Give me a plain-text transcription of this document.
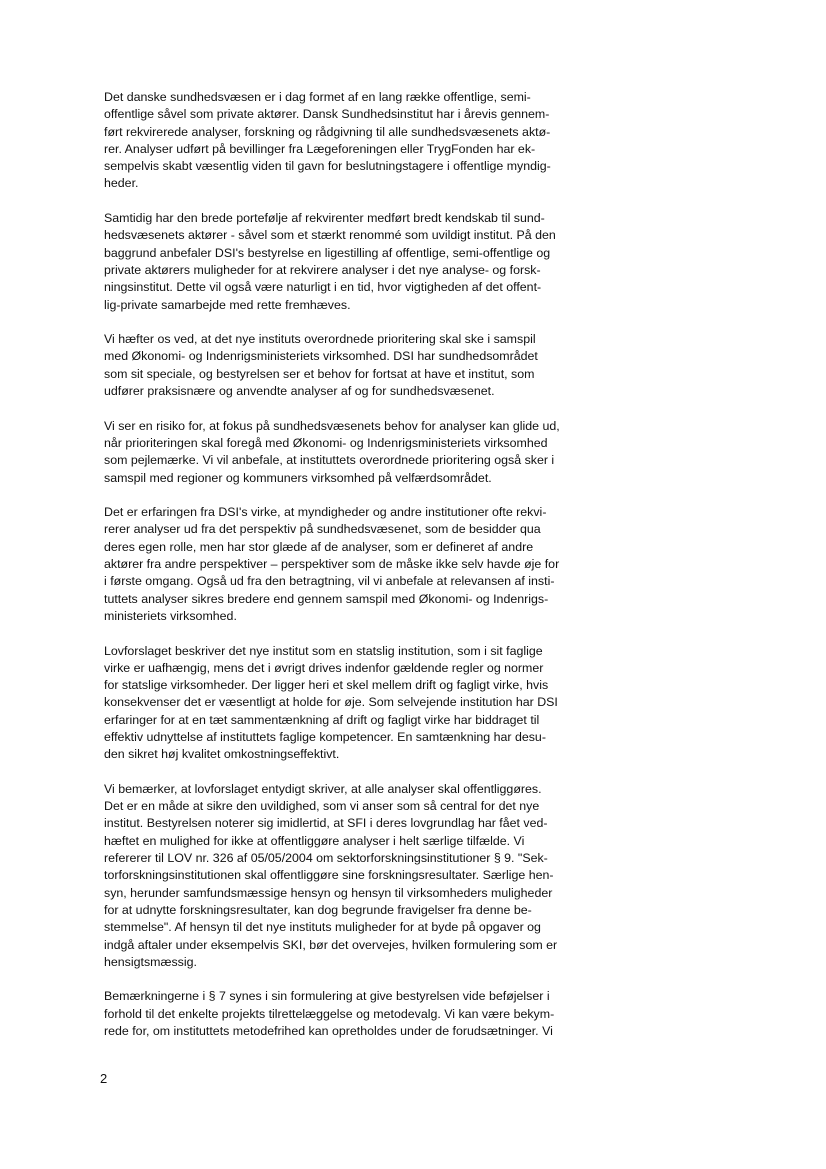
Det danske sundhedsvæsen er i dag formet af en lang række offentlige, semi-
offentlige såvel som private aktører. Dansk Sundhedsinstitut har i årevis gennem-
ført rekvirerede analyser, forskning og rådgivning til alle sundhedsvæsenets aktø-
rer. Analyser udført på bevillinger fra Lægeforeningen eller TrygFonden har ek-
sempelvis skabt væsentlig viden til gavn for beslutningstagere i offentlige myndig-
heder.
Samtidig har den brede portefølje af rekvirenter medført bredt kendskab til sund-
hedsvæsenets aktører - såvel som et stærkt renommé som uvildigt institut. På den
baggrund anbefaler DSI's bestyrelse en ligestilling af offentlige, semi-offentlige og
private aktørers muligheder for at rekvirere analyser i det nye analyse- og forsk-
ningsinstitut. Dette vil også være naturligt i en tid, hvor vigtigheden af det offent-
lig-private samarbejde med rette fremhæves.
Vi hæfter os ved, at det nye instituts overordnede prioritering skal ske i samspil
med Økonomi- og Indenrigsministeriets virksomhed. DSI har sundhedsområdet
som sit speciale, og bestyrelsen ser et behov for fortsat at have et institut, som
udfører praksisnære og anvendte analyser af og for sundhedsvæsenet.
Vi ser en risiko for, at fokus på sundhedsvæsenets behov for analyser kan glide ud,
når prioriteringen skal foregå med Økonomi- og Indenrigsministeriets virksomhed
som pejlemærke. Vi vil anbefale, at instituttets overordnede prioritering også sker i
samspil med regioner og kommuners virksomhed på velfærdsområdet.
Det er erfaringen fra DSI's virke, at myndigheder og andre institutioner ofte rekvi-
rerer analyser ud fra det perspektiv på sundhedsvæsenet, som de besidder qua
deres egen rolle, men har stor glæde af de analyser, som er defineret af andre
aktører fra andre perspektiver – perspektiver som de måske ikke selv havde øje for
i første omgang. Også ud fra den betragtning, vil vi anbefale at relevansen af insti-
tuttets analyser sikres bredere end gennem samspil med Økonomi- og Indenrigs-
ministeriets virksomhed.
Lovforslaget beskriver det nye institut som en statslig institution, som i sit faglige
virke er uafhængig, mens det i øvrigt drives indenfor gældende regler og normer
for statslige virksomheder. Der ligger heri et skel mellem drift og fagligt virke, hvis
konsekvenser det er væsentligt at holde for øje. Som selvejende institution har DSI
erfaringer for at en tæt sammentænkning af drift og fagligt virke har biddraget til
effektiv udnyttelse af instituttets faglige kompetencer. En samtænkning har desu-
den sikret høj kvalitet omkostningseffektivt.
Vi bemærker, at lovforslaget entydigt skriver, at alle analyser skal offentliggøres.
Det er en måde at sikre den uvildighed, som vi anser som så central for det nye
institut. Bestyrelsen noterer sig imidlertid, at SFI i deres lovgrundlag har fået ved-
hæftet en mulighed for ikke at offentliggøre analyser i helt særlige tilfælde. Vi
refererer til LOV nr. 326 af 05/05/2004 om sektorforskningsinstitutioner § 9. "Sek-
torforskningsinstitutionen skal offentliggøre sine forskningsresultater. Særlige hen-
syn, herunder samfundsmæssige hensyn og hensyn til virksomheders muligheder
for at udnytte forskningsresultater, kan dog begrunde fravigelser fra denne be-
stemmelse". Af hensyn til det nye instituts muligheder for at byde på opgaver og
indgå aftaler under eksempelvis SKI, bør det overvejes, hvilken formulering som er
hensigtsmæssig.
Bemærkningerne i § 7 synes i sin formulering at give bestyrelsen vide beføjelser i
forhold til det enkelte projekts tilrettelæggelse og metodevalg. Vi kan være bekym-
rede for, om instituttets metodefrihed kan opretholdes under de forudsætninger. Vi
2
